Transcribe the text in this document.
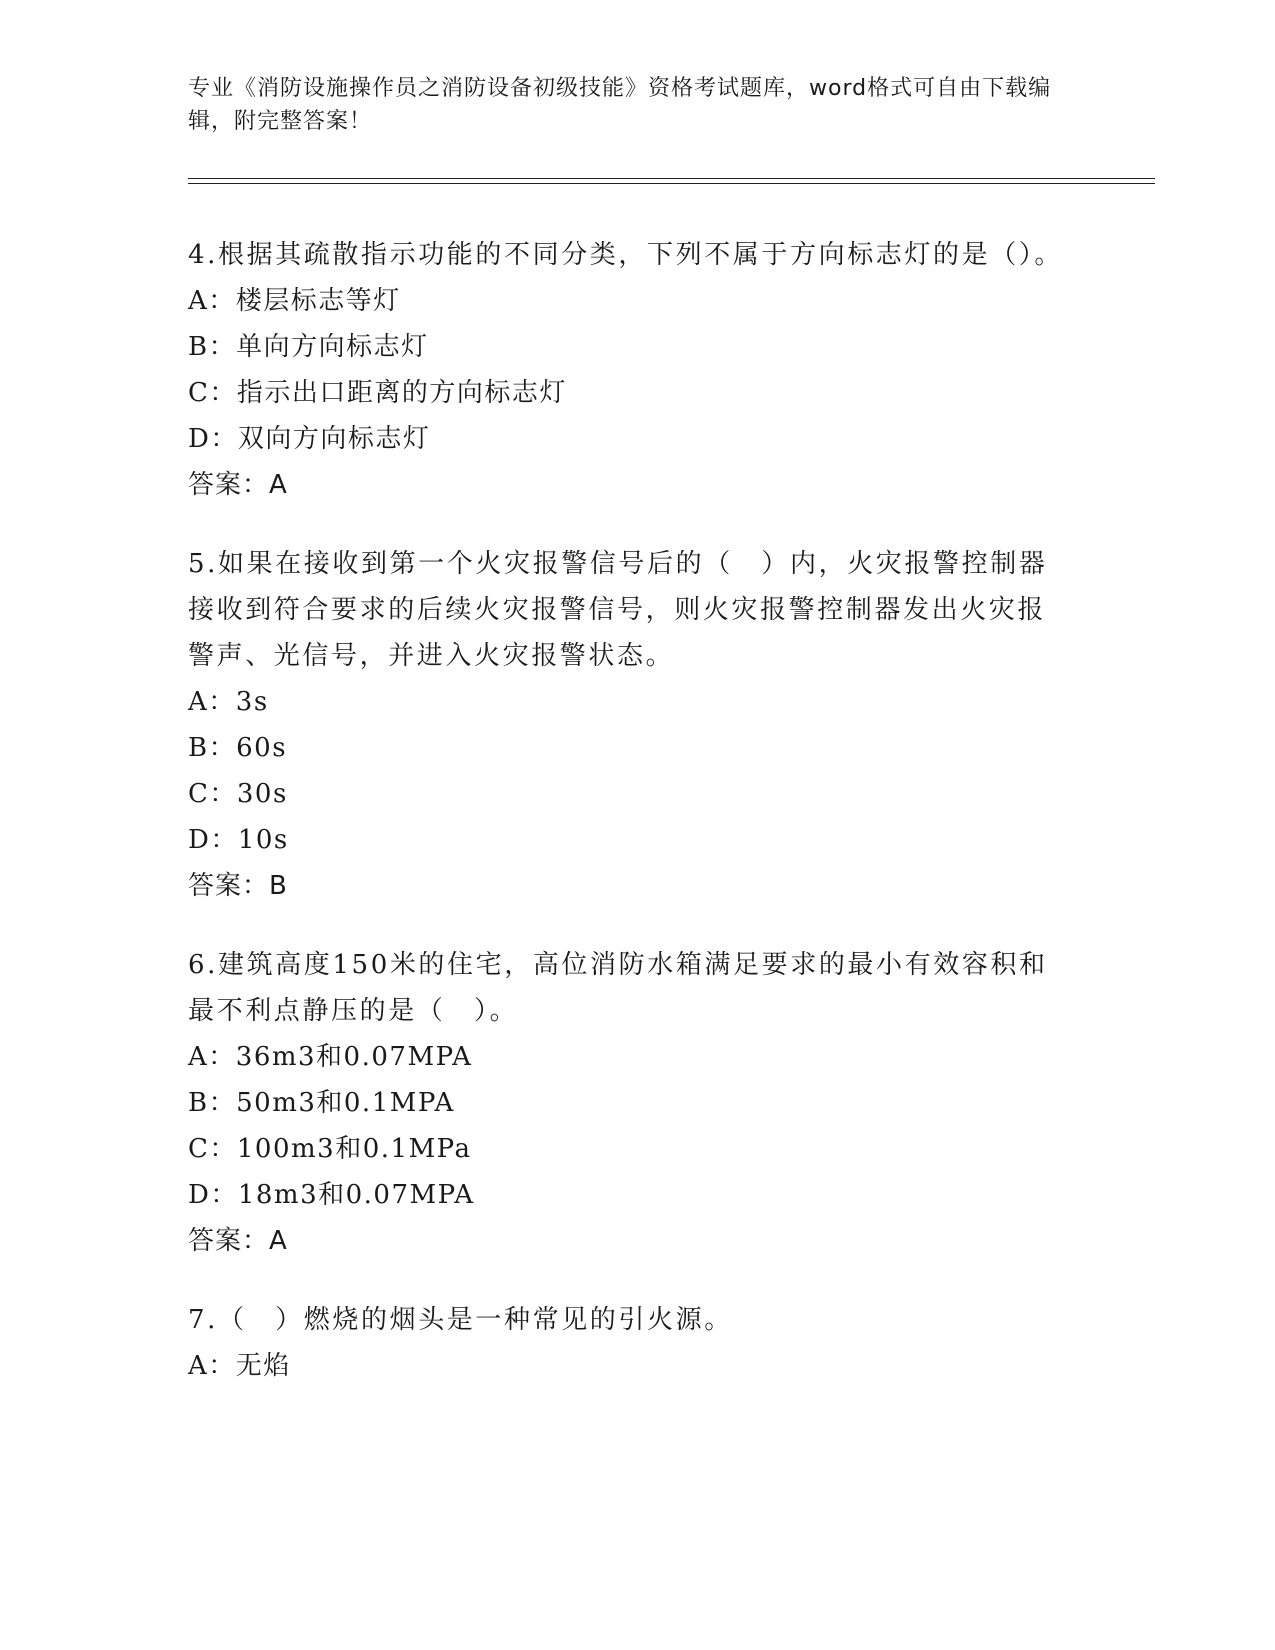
专业《消防设施操作员之消防设备初级技能》资格考试题库，word格式可自由下载编辑，附完整答案！
4.根据其疏散指示功能的不同分类，下列不属于方向标志灯的是（）。
A：楼层标志等灯
B：单向方向标志灯
C：指示出口距离的方向标志灯
D：双向方向标志灯
答案：A
5.如果在接收到第一个火灾报警信号后的（　）内，火灾报警控制器接收到符合要求的后续火灾报警信号，则火灾报警控制器发出火灾报警声、光信号，并进入火灾报警状态。
A：3s
B：60s
C：30s
D：10s
答案：B
6.建筑高度150米的住宅，高位消防水箱满足要求的最小有效容积和最不利点静压的是（　）。
A：36m3和0.07MPA
B：50m3和0.1MPA
C：100m3和0.1MPa
D：18m3和0.07MPA
答案：A
7.（　）燃烧的烟头是一种常见的引火源。
A：无焰
